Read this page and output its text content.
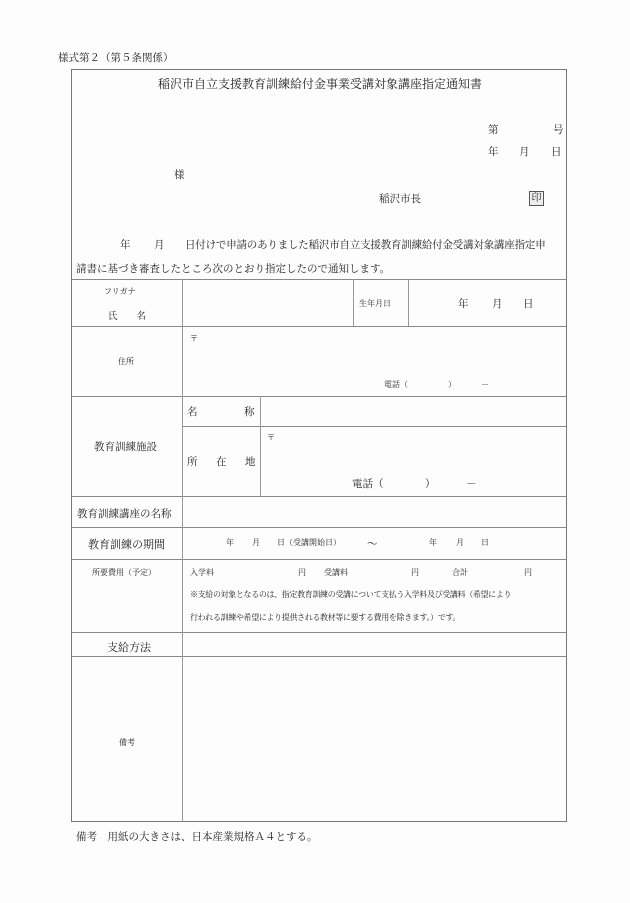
様式第２（第５条関係）
稲沢市自立支援教育訓練給付金事業受講対象講座指定通知書
第	号
年 月 日
様
稲沢市長	印
年 月 日付けで申請のありました稲沢市自立支援教育訓練給付金受講対象講座指定申
請書に基づき審査したところ次のとおり指定したので通知します。
フリガナ
氏　　名
生年月日	年 月 日
住所
〒
電話（	）	－
教育訓練施設
名	称
所　在　地
〒
電話（	）	－
教育訓練講座の名称
教育訓練の期間	年 月 日（受講開始日） ～	年 月 日
所要費用（予定）	入学料	円 受講料	円	合計	円
※支給の対象となるのは、指定教育訓練の受講について支払う入学料及び受講料（希望により
行われる訓練や希望により提供される教材等に要する費用を除きます。）です。
支給方法
備考
備考　用紙の大きさは、日本産業規格Ａ４とする。
